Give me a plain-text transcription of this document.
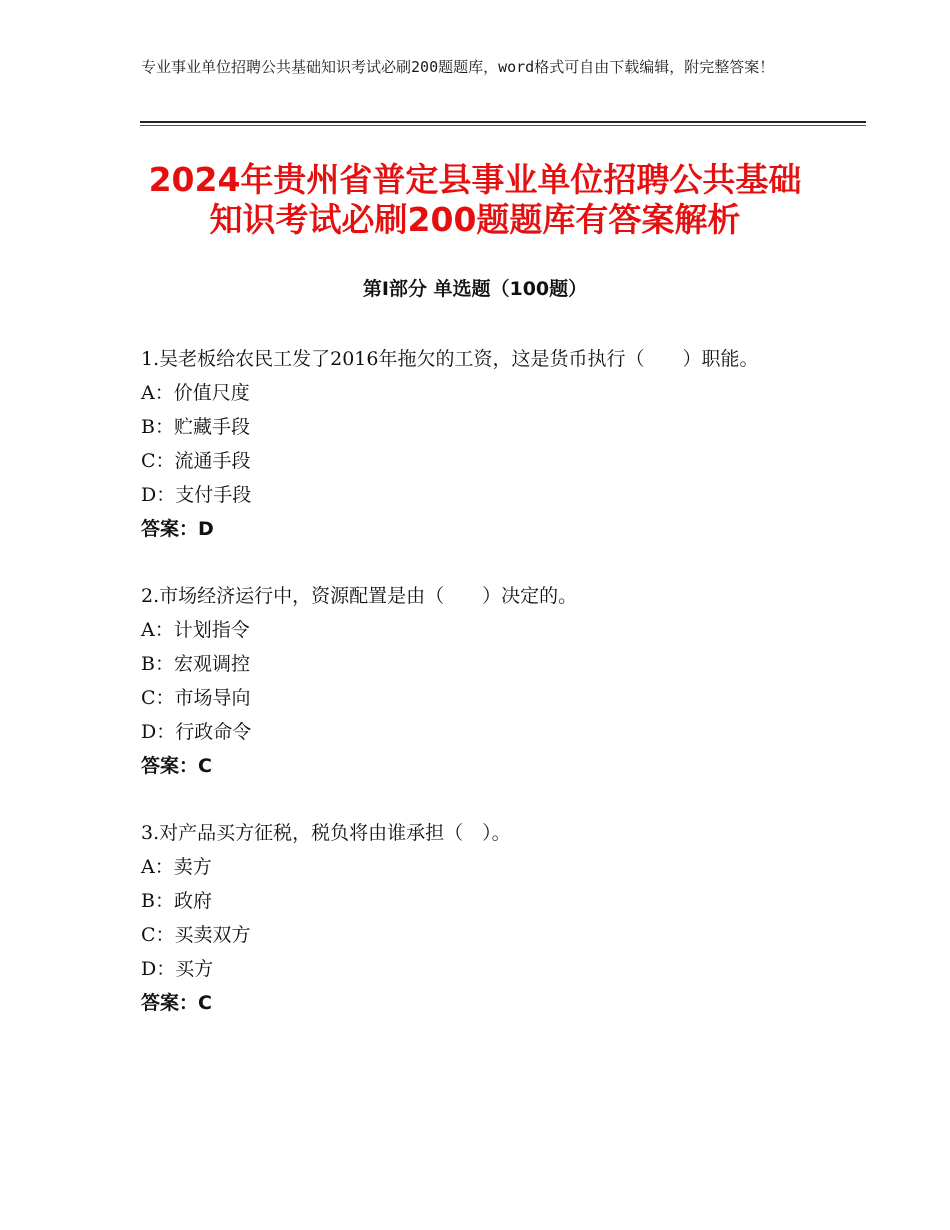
专业事业单位招聘公共基础知识考试必刷200题题库，word格式可自由下载编辑，附完整答案！
2024年贵州省普定县事业单位招聘公共基础
知识考试必刷200题题库有答案解析
第Ⅰ部分 单选题（100题）

1.吴老板给农民工发了2016年拖欠的工资，这是货币执行（　　）职能。

A：价值尺度

B：贮藏手段

C：流通手段

D：支付手段

答案：D

2.市场经济运行中，资源配置是由（　　）决定的。

A：计划指令

B：宏观调控

C：市场导向

D：行政命令

答案：C

3.对产品买方征税，税负将由谁承担（　）。

A：卖方

B：政府

C：买卖双方

D：买方

答案：C
